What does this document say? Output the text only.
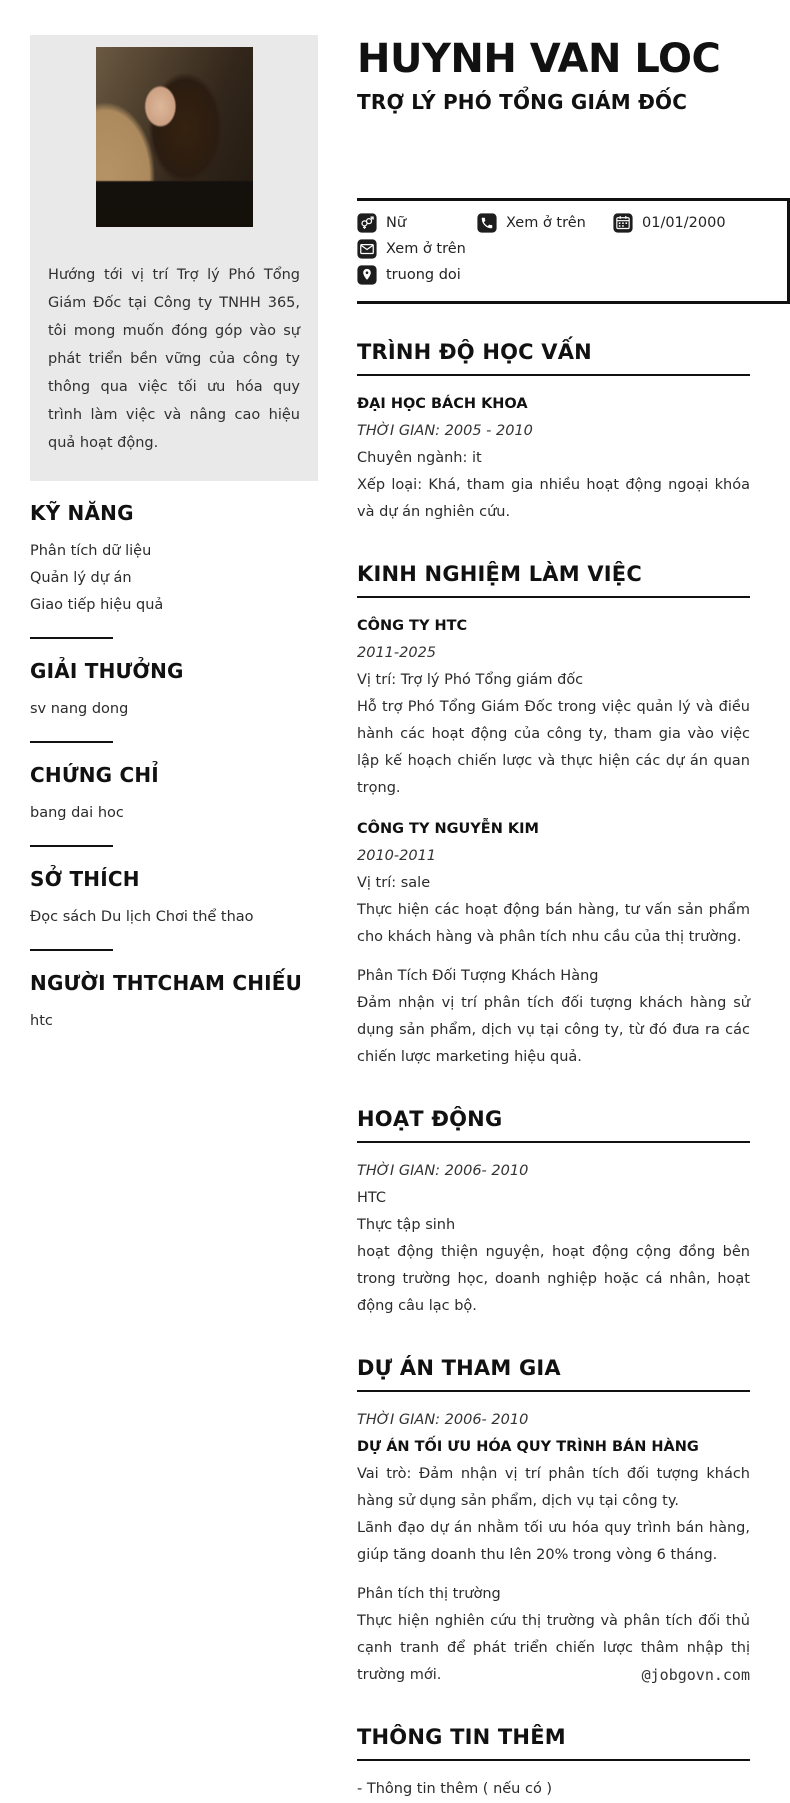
Hướng tới vị trí Trợ lý Phó Tổng Giám Đốc tại Công ty TNHH 365, tôi mong muốn đóng góp vào sự phát triển bền vững của công ty thông qua việc tối ưu hóa quy trình làm việc và nâng cao hiệu quả hoạt động.

KỸ NĂNG
Phân tích dữ liệu
Quản lý dự án
Giao tiếp hiệu quả
GIẢI THƯỞNG
sv nang dong
CHỨNG CHỈ
bang dai hoc
SỞ THÍCH
Đọc sách Du lịch Chơi thể thao
NGƯỜI THTCHAM CHIẾU
htc
HUYNH VAN LOC
TRỢ LÝ PHÓ TỔNG GIÁM ĐỐC
Nữ	Xem ở trên	01/01/2000
Xem ở trên
truong doi
TRÌNH ĐỘ HỌC VẤN
ĐẠI HỌC BÁCH KHOA
THỜI GIAN: 2005 - 2010
Chuyên ngành: it
Xếp loại: Khá, tham gia nhiều hoạt động ngoại khóa và dự án nghiên cứu.
KINH NGHIỆM LÀM VIỆC
CÔNG TY HTC
2011-2025
Vị trí: Trợ lý Phó Tổng giám đốc
Hỗ trợ Phó Tổng Giám Đốc trong việc quản lý và điều hành các hoạt động của công ty, tham gia vào việc lập kế hoạch chiến lược và thực hiện các dự án quan trọng.
CÔNG TY NGUYỄN KIM
2010-2011
Vị trí: sale
Thực hiện các hoạt động bán hàng, tư vấn sản phẩm cho khách hàng và phân tích nhu cầu của thị trường.
Phân Tích Đối Tượng Khách Hàng
Đảm nhận vị trí phân tích đối tượng khách hàng sử dụng sản phẩm, dịch vụ tại công ty, từ đó đưa ra các chiến lược marketing hiệu quả.
HOẠT ĐỘNG
THỜI GIAN: 2006- 2010
HTC
Thực tập sinh
hoạt động thiện nguyện, hoạt động cộng đồng bên trong trường học, doanh nghiệp hoặc cá nhân, hoạt động câu lạc bộ.
DỰ ÁN THAM GIA
THỜI GIAN: 2006- 2010
DỰ ÁN TỐI ƯU HÓA QUY TRÌNH BÁN HÀNG
Vai trò: Đảm nhận vị trí phân tích đối tượng khách hàng sử dụng sản phẩm, dịch vụ tại công ty.
Lãnh đạo dự án nhằm tối ưu hóa quy trình bán hàng, giúp tăng doanh thu lên 20% trong vòng 6 tháng.
Phân tích thị trường
Thực hiện nghiên cứu thị trường và phân tích đối thủ cạnh tranh để phát triển chiến lược thâm nhập thị trường mới.
THÔNG TIN THÊM
- Thông tin thêm ( nếu có )
@jobgovn.com
